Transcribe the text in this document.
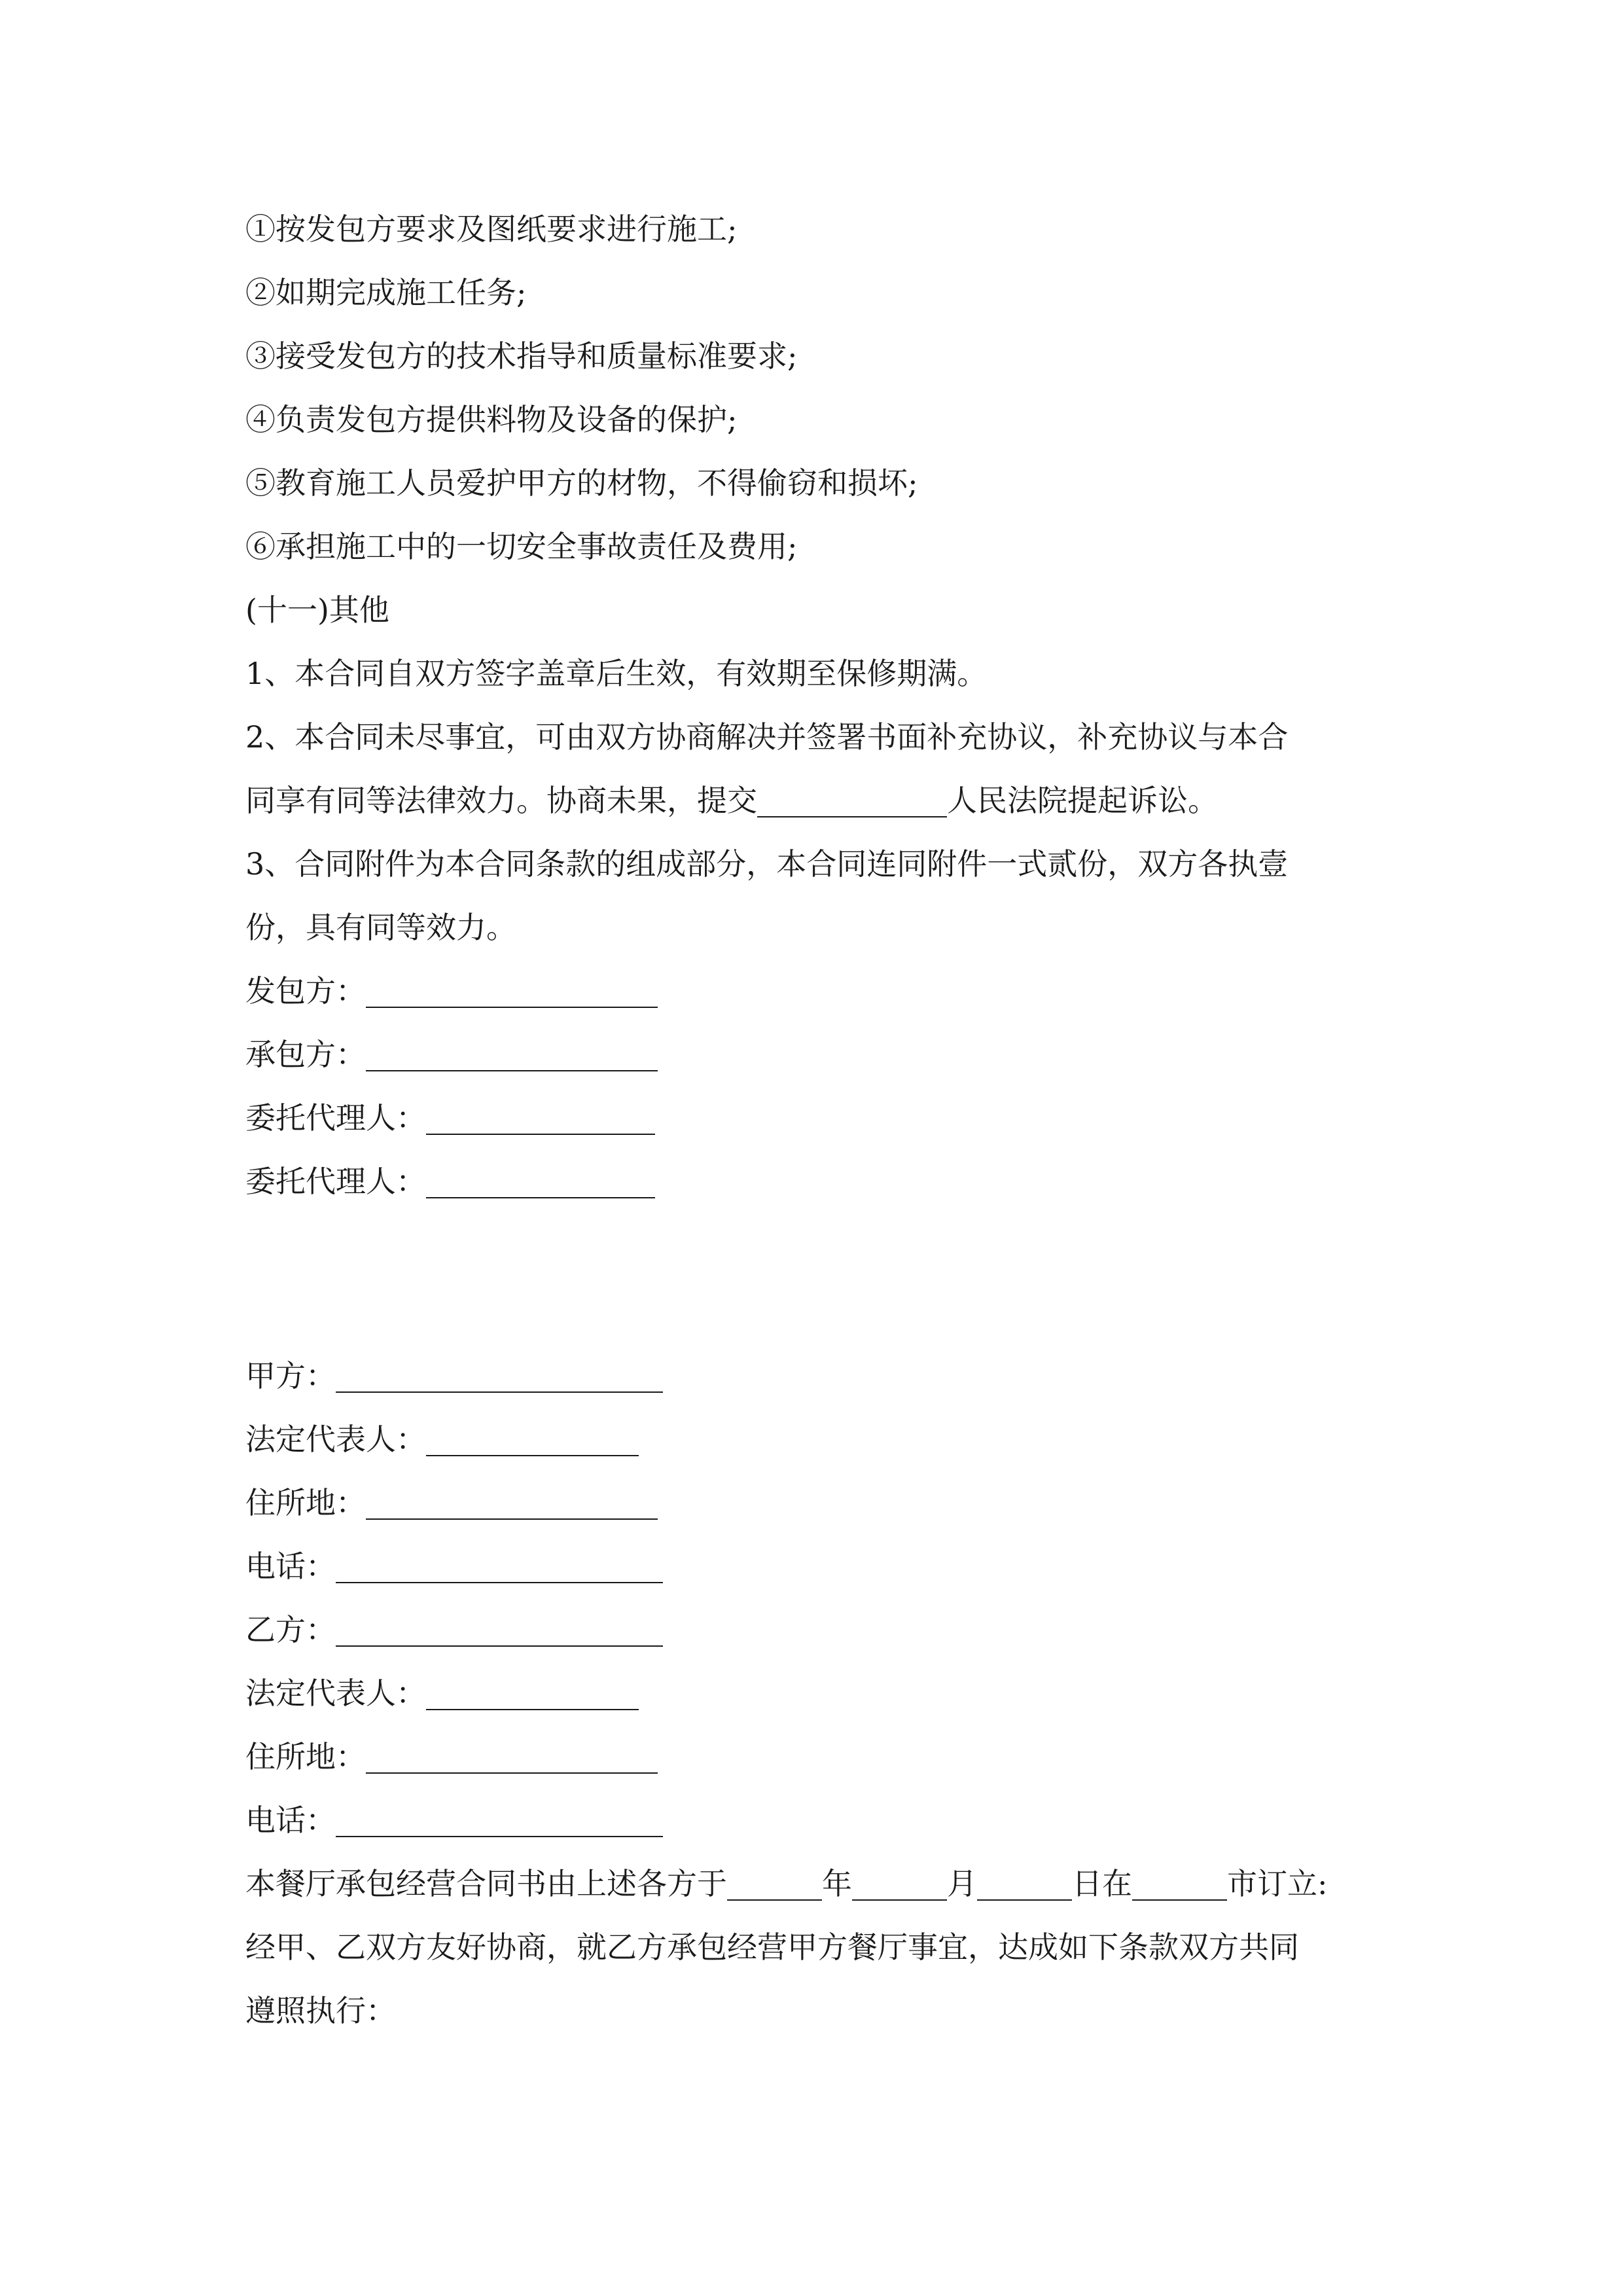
①按发包方要求及图纸要求进行施工;
②如期完成施工任务;
③接受发包方的技术指导和质量标准要求;
④负责发包方提供料物及设备的保护;
⑤教育施工人员爱护甲方的材物，不得偷窃和损坏;
⑥承担施工中的一切安全事故责任及费用;
(十一)其他
1、本合同自双方签字盖章后生效，有效期至保修期满。
2、本合同未尽事宜，可由双方协商解决并签署书面补充协议，补充协议与本合
同享有同等法律效力。协商未果，提交	人民法院提起诉讼。
3、合同附件为本合同条款的组成部分，本合同连同附件一式贰份，双方各执壹
份，具有同等效力。
发包方：
承包方：
委托代理人：
委托代理人：
甲方：
法定代表人：
住所地：
电话：
乙方：
法定代表人：
住所地：
电话：
本餐厅承包经营合同书由上述各方于	年	月	日在	市订立:
经甲、乙双方友好协商，就乙方承包经营甲方餐厅事宜，达成如下条款双方共同
遵照执行：
